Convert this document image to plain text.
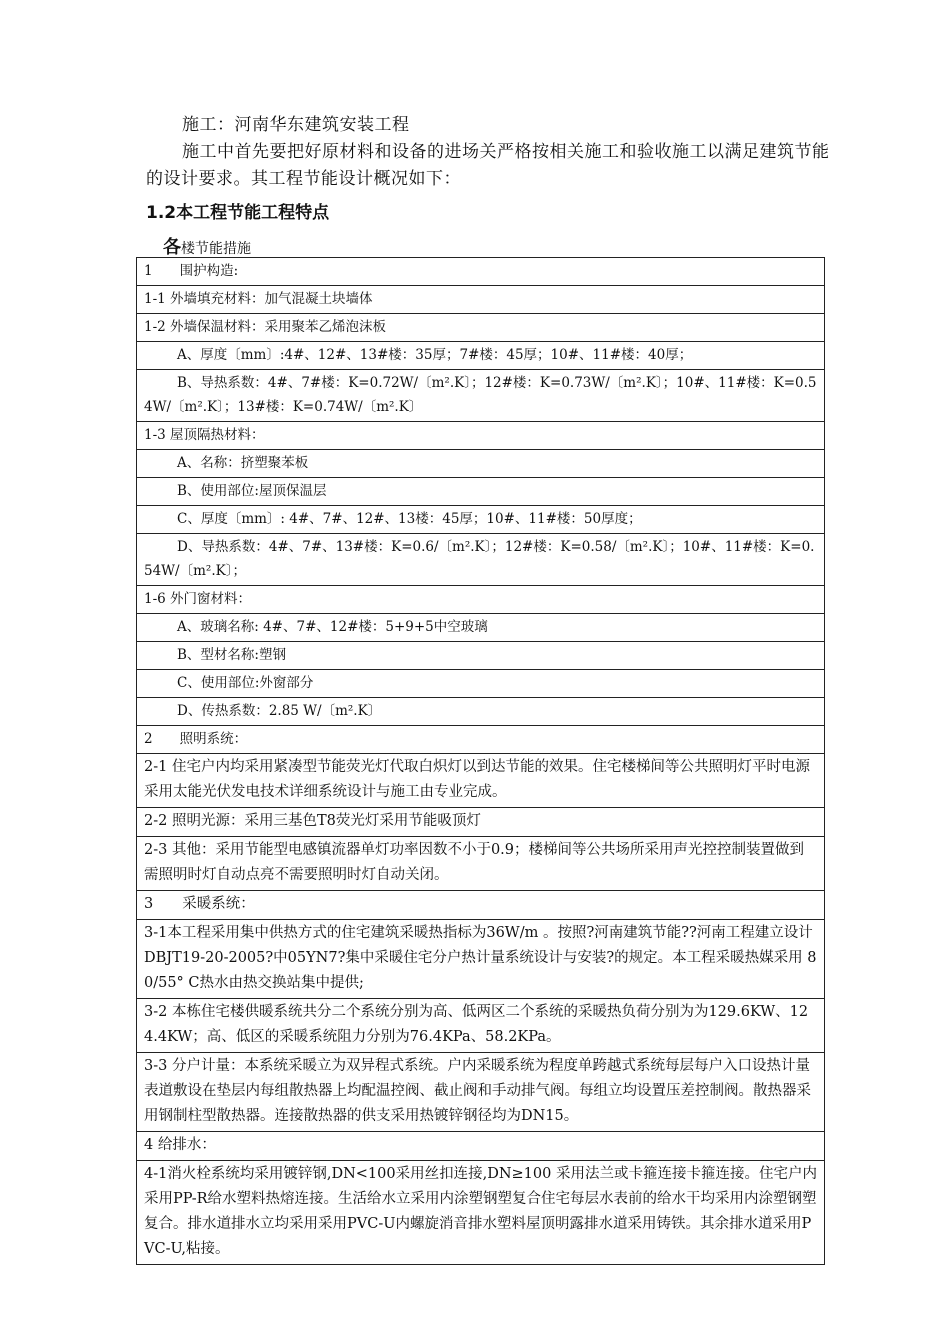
施工：河南华东建筑安装工程
施工中首先要把好原材料和设备的进场关严格按相关施工和验收施工以满足建筑节能的设计要求。其工程节能设计概况如下：
1.2本工程节能工程特点
各楼节能措施
1　　围护构造:
1-1 外墙填充材料：加气混凝土块墙体
1-2 外墙保温材料：采用聚苯乙烯泡沫板
A、厚度〔mm〕:4#、12#、13#楼：35厚；7#楼：45厚；10#、11#楼：40厚；
B、导热系数：4#、7#楼：K=0.72W/〔m².K〕；12#楼：K=0.73W/〔m².K〕；10#、11#楼：K=0.54W/〔m².K〕；13#楼：K=0.74W/〔m².K〕
1-3 屋顶隔热材料：
A、名称：挤塑聚苯板
B、使用部位:屋顶保温层
C、厚度〔mm〕: 4#、7#、12#、13楼：45厚；10#、11#楼：50厚度；
D、导热系数：4#、7#、13#楼：K=0.6/〔m².K〕；12#楼：K=0.58/〔m².K〕；10#、11#楼：K=0.54W/〔m².K〕；
1-6 外门窗材料：
A、玻璃名称: 4#、7#、12#楼：5+9+5中空玻璃
B、型材名称:塑钢
C、使用部位:外窗部分
D、传热系数：2.85 W/〔m².K〕
2　　照明系统：
2-1 住宅户内均采用紧凑型节能荧光灯代取白炽灯以到达节能的效果。住宅楼梯间等公共照明灯平时电源采用太能光伏发电技术详细系统设计与施工由专业完成。
2-2 照明光源：采用三基色T8荧光灯采用节能吸顶灯
2-3 其他：采用节能型电感镇流器单灯功率因数不小于0.9；楼梯间等公共场所采用声光控控制装置做到需照明时灯自动点亮不需要照明时灯自动关闭。
3　　采暖系统：
3-1本工程采用集中供热方式的住宅建筑采暖热指标为36W/m 。按照?河南建筑节能??河南工程建立设计DBJT19-20-2005?中05YN7?集中采暖住宅分户热计量系统设计与安装?的规定。本工程采暖热媒采用 80/55° C热水由热交换站集中提供;
3-2 本栋住宅楼供暖系统共分二个系统分别为高、低两区二个系统的采暖热负荷分别为为129.6KW、124.4KW；高、低区的采暖系统阻力分别为76.4KPa、58.2KPa。
3-3 分户计量：本系统采暖立为双异程式系统。户内采暖系统为程度单跨越式系统每层每户入口设热计量表道敷设在垫层内每组散热器上均配温控阀、截止阀和手动排气阀。每组立均设置压差控制阀。散热器采用钢制柱型散热器。连接散热器的供支采用热镀锌钢径均为DN15。
4 给排水：
4-1消火栓系统均采用镀锌钢,DN<100采用丝扣连接,DN≥100 采用法兰或卡箍连接卡箍连接。住宅户内采用PP-R给水塑料热熔连接。生活给水立采用内涂塑钢塑复合住宅每层水表前的给水干均采用内涂塑钢塑复合。排水道排水立均采用采用PVC-U内螺旋消音排水塑料屋顶明露排水道采用铸铁。其余排水道采用PVC-U,粘接。
